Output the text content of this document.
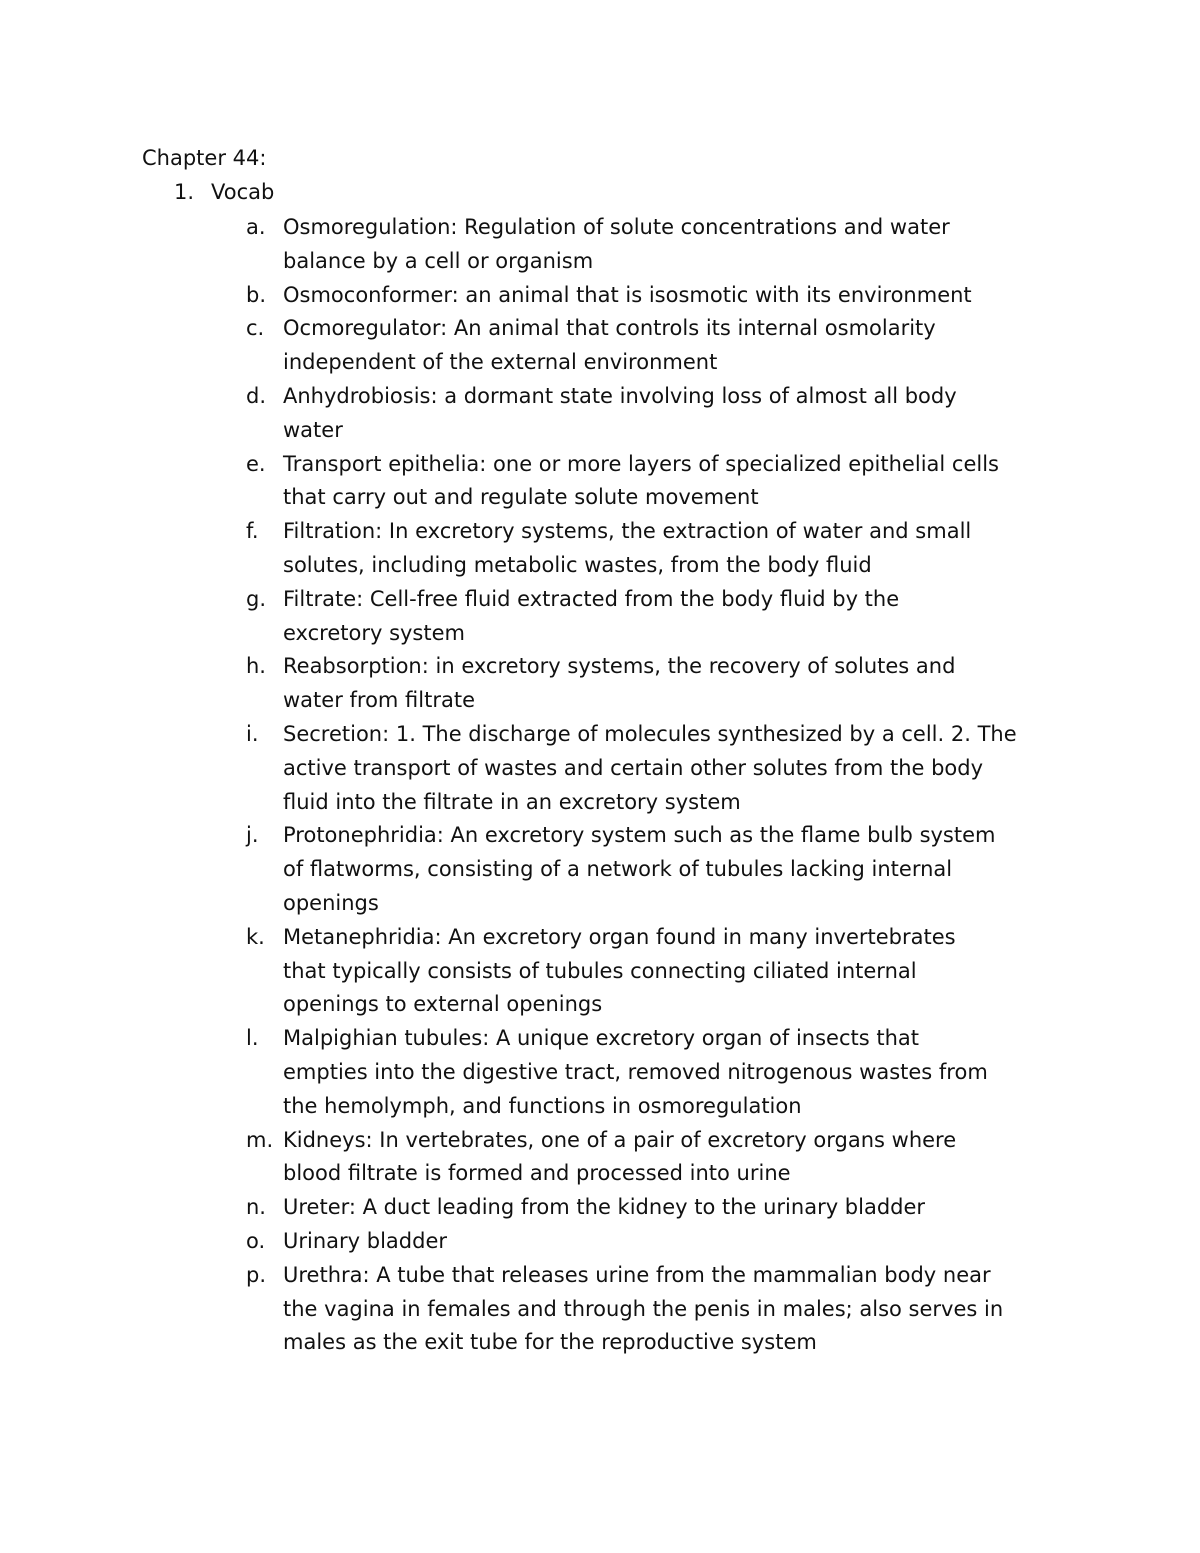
Chapter 44:
1. Vocab
a. Osmoregulation: Regulation of solute concentrations and water
balance by a cell or organism
b. Osmoconformer: an animal that is isosmotic with its environment
c. Ocmoregulator: An animal that controls its internal osmolarity
independent of the external environment
d. Anhydrobiosis: a dormant state involving loss of almost all body
water
e. Transport epithelia: one or more layers of specialized epithelial cells
that carry out and regulate solute movement
f. Filtration: In excretory systems, the extraction of water and small
solutes, including metabolic wastes, from the body fluid
g. Filtrate: Cell-free fluid extracted from the body fluid by the
excretory system
h. Reabsorption: in excretory systems, the recovery of solutes and
water from filtrate
i. Secretion: 1. The discharge of molecules synthesized by a cell. 2. The
active transport of wastes and certain other solutes from the body
fluid into the filtrate in an excretory system
j. Protonephridia: An excretory system such as the flame bulb system
of flatworms, consisting of a network of tubules lacking internal
openings
k. Metanephridia: An excretory organ found in many invertebrates
that typically consists of tubules connecting ciliated internal
openings to external openings
l. Malpighian tubules: A unique excretory organ of insects that
empties into the digestive tract, removed nitrogenous wastes from
the hemolymph, and functions in osmoregulation
m. Kidneys: In vertebrates, one of a pair of excretory organs where
blood filtrate is formed and processed into urine
n. Ureter: A duct leading from the kidney to the urinary bladder
o. Urinary bladder
p. Urethra: A tube that releases urine from the mammalian body near
the vagina in females and through the penis in males; also serves in
males as the exit tube for the reproductive system
